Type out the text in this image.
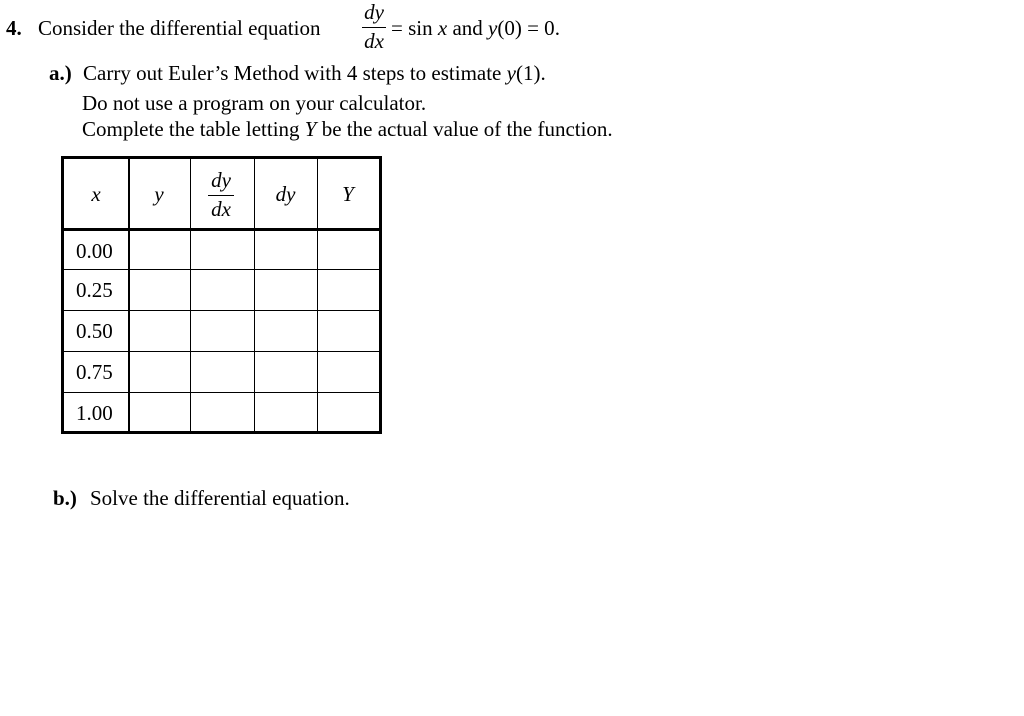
4. Consider the differential equation
dy
dx
= sin x and y(0) = 0.
a.) Carry out Euler’s Method with 4 steps to estimate y(1).
Do not use a program on your calculator.
Complete the table letting Y be the actual value of the function.
x	y
dy
dx
dy	Y
0.00
0.25
0.50
0.75
1.00
b.) Solve the differential equation.
